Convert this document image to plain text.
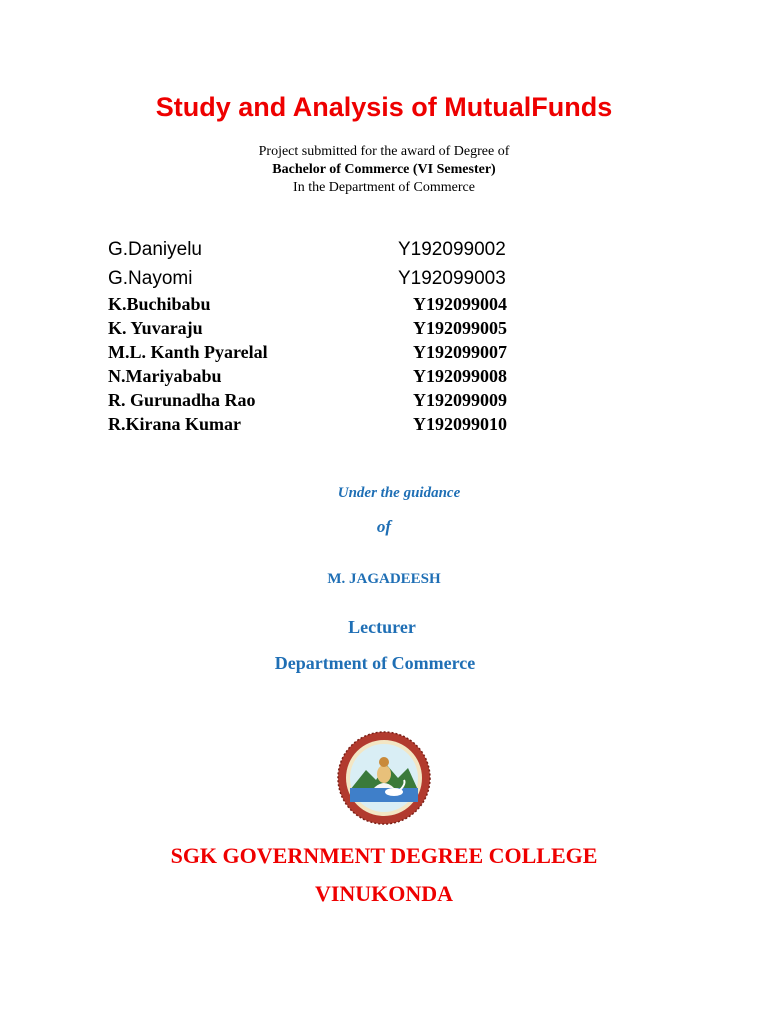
Study and Analysis of MutualFunds
Project submitted for the award of Degree of
Bachelor of Commerce (VI Semester)
In the Department of Commerce
G.Daniyelu	Y192099002
G.Nayomi	Y192099003
K.Buchibabu	Y192099004
K. Yuvaraju	Y192099005
M.L. Kanth Pyarelal	Y192099007
N.Mariyababu	Y192099008
R. Gurunadha Rao	Y192099009
R.Kirana Kumar	Y192099010
Under the guidance
of
M. JAGADEESH
Lecturer
Department of Commerce
SGK GOVERNMENT DEGREE COLLEGE
VINUKONDA
